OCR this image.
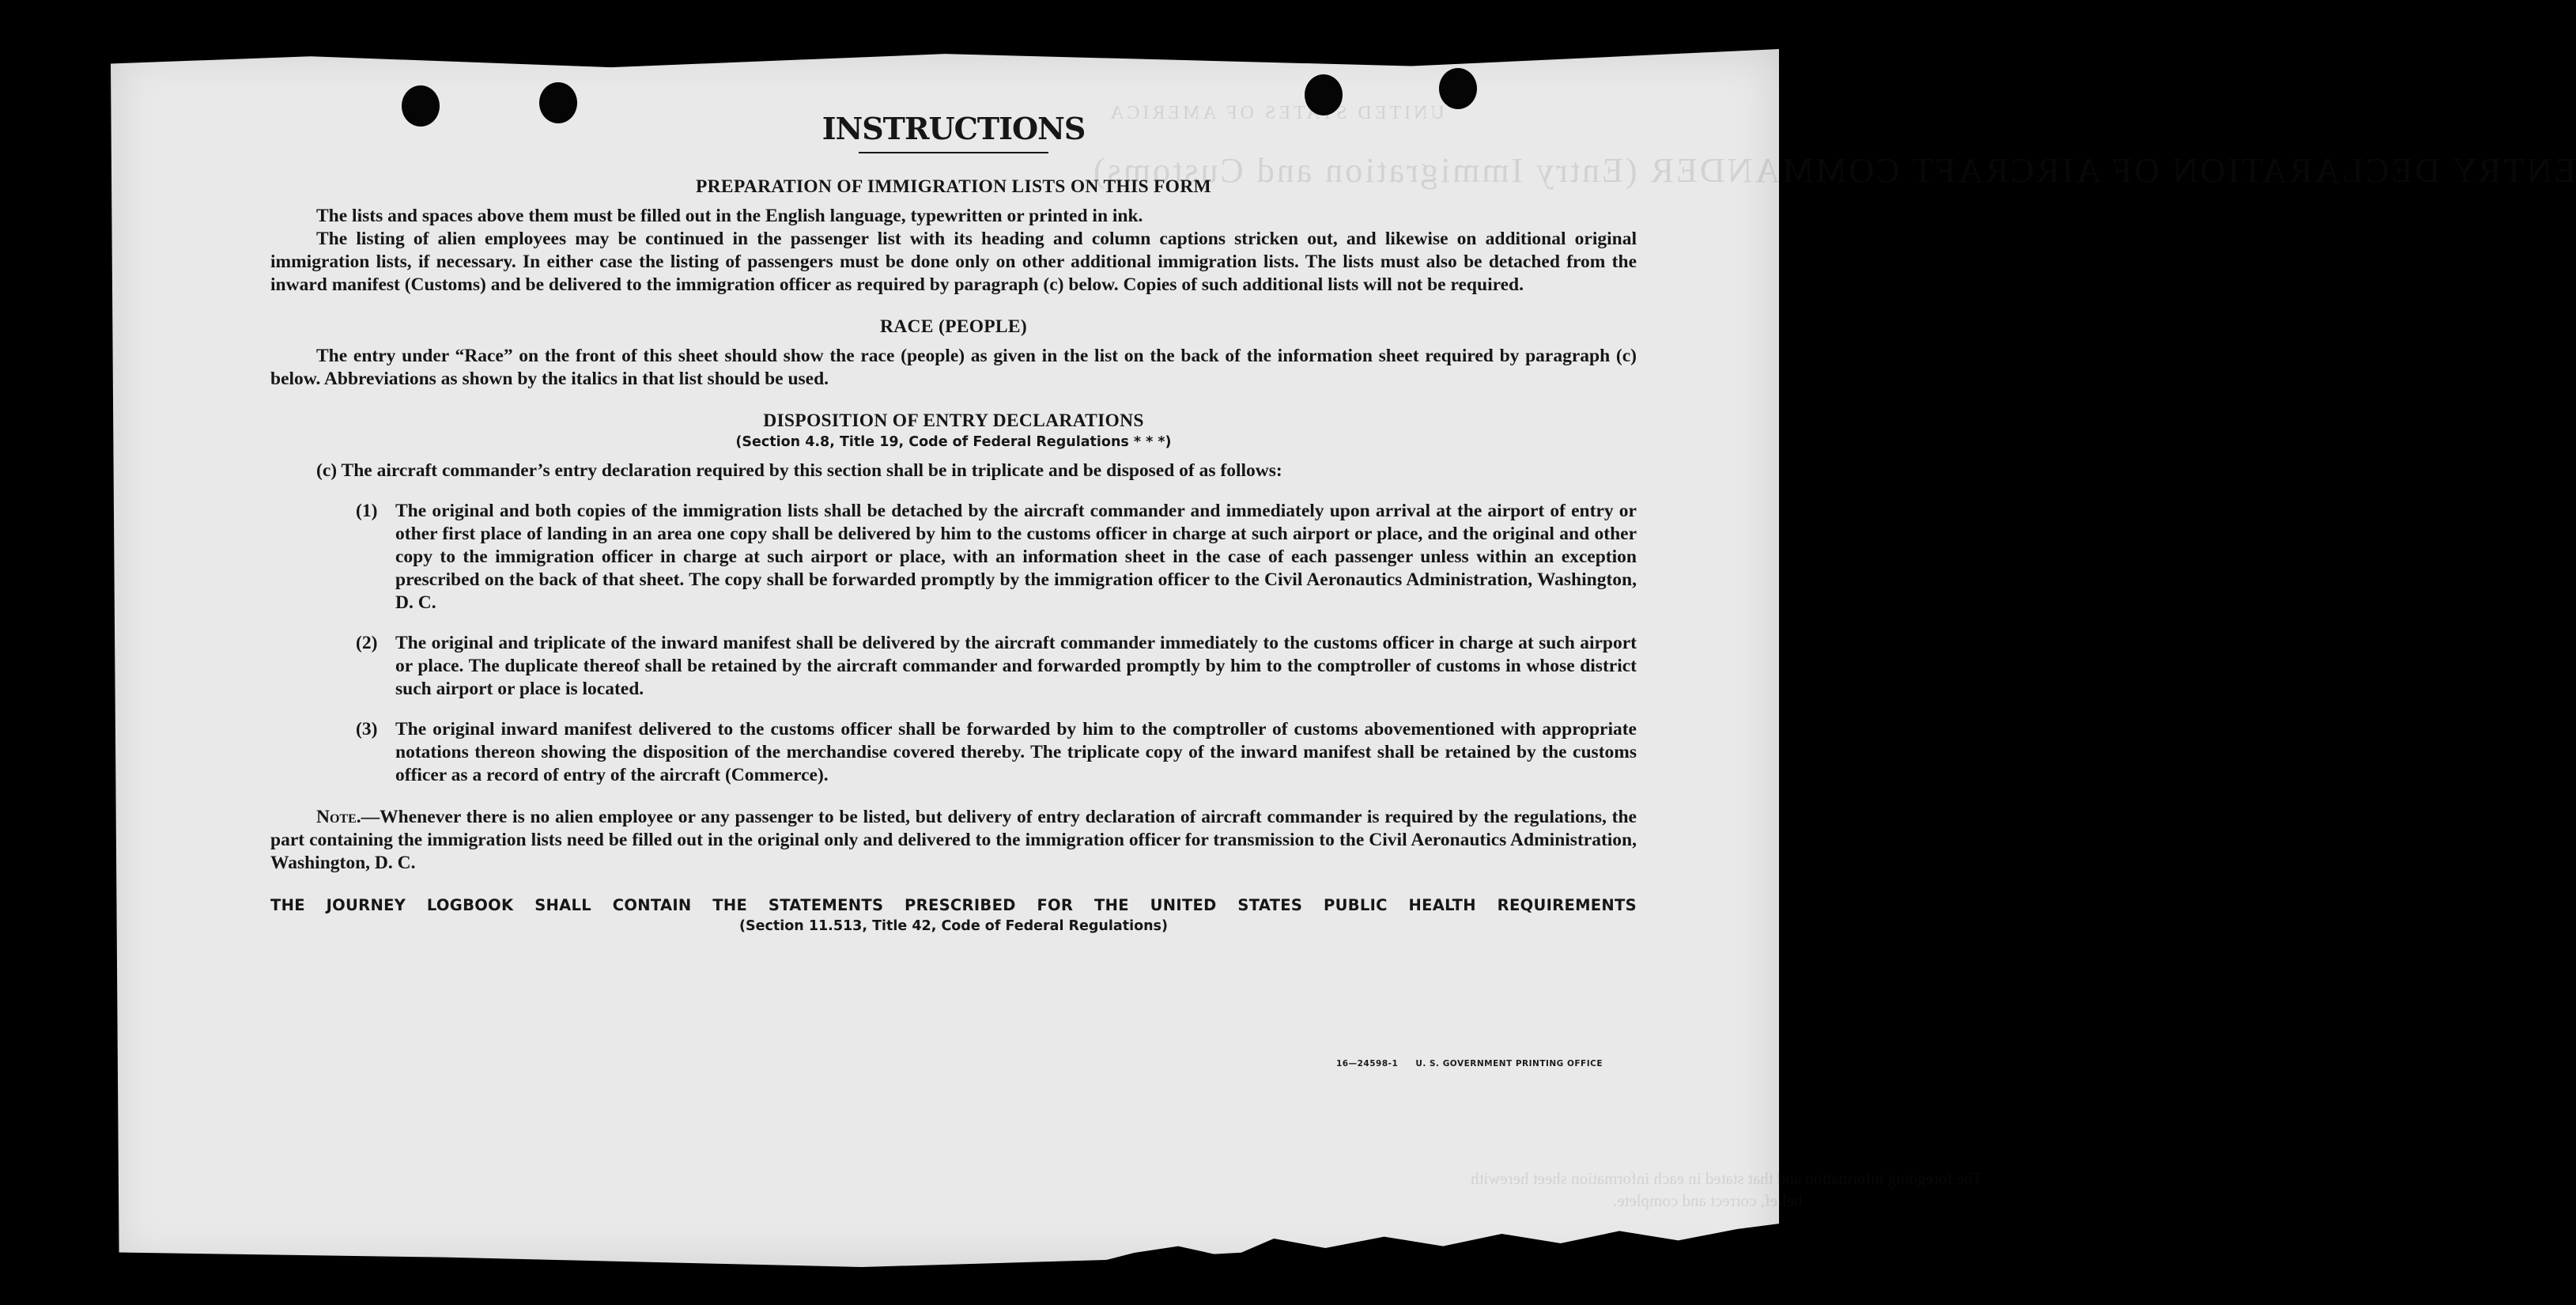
ENTRY DECLARATION OF AIRCRAFT COMMANDER (Entry Immigration and Customs)
The foregoing information
INSTRUCTIONS
PREPARATION OF IMMIGRATION LISTS ON THIS FORM

The lists and spaces above them must be filled out in the English language, typewritten or printed in ink.

The listing of alien employees may be continued in the passenger list with its heading and column captions stricken out, and likewise on additional original immigration lists, if necessary. In either case the listing of passengers must be done only on other additional immigration lists. The lists must also be detached from the inward manifest (Customs) and be delivered to the immigration officer as required by paragraph (c) below. Copies of such additional lists will not be required.

RACE (PEOPLE)

The entry under “Race” on the front of this sheet should show the race (people) as given in the list on the back of the information sheet required by paragraph (c) below. Abbreviations as shown by the italics in that list should be used.

DISPOSITION OF ENTRY DECLARATIONS
(Section 4.8, Title 19, Code of Federal Regulations * * *)
(c) The aircraft commander’s entry declaration required by this section shall be in triplicate and be disposed of as follows:
(1) The original and both copies of the immigration lists shall be detached by the aircraft commander and immediately upon arrival at the airport of entry or other first place of landing in an area one copy shall be delivered by him to the customs officer in charge at such airport or place, and the original and other copy to the immigration officer in charge at such airport or place, with an information sheet in the case of each passenger unless within an exception prescribed on the back of that sheet. The copy shall be forwarded promptly by the immigration officer to the Civil Aeronautics Administration, Washington, D. C.
(2) The original and triplicate of the inward manifest shall be delivered by the aircraft commander immediately to the customs officer in charge at such airport or place. The duplicate thereof shall be retained by the aircraft commander and forwarded promptly by him to the comptroller of customs in whose district such airport or place is located.
(3) The original inward manifest delivered to the customs officer shall be forwarded by him to the comptroller of customs abovementioned with appropriate notations thereon showing the disposition of the merchandise covered thereby. The triplicate copy of the inward manifest shall be retained by the customs officer as a record of entry of the aircraft (Commerce).

Note.—Whenever there is no alien employee or any passenger to be listed, but delivery of entry declaration of aircraft commander is required by the regulations, the part containing the immigration lists need be filled out in the original only and delivered to the immigration officer for transmission to the Civil Aeronautics Administration, Washington, D. C.

THE JOURNEY LOGBOOK SHALL CONTAIN THE STATEMENTS PRESCRIBED FOR THE UNITED STATES PUBLIC HEALTH REQUIREMENTS
(Section 11.513, Title 42, Code of Federal Regulations)
16—24598-1 U. S. GOVERNMENT PRINTING OFFICE
